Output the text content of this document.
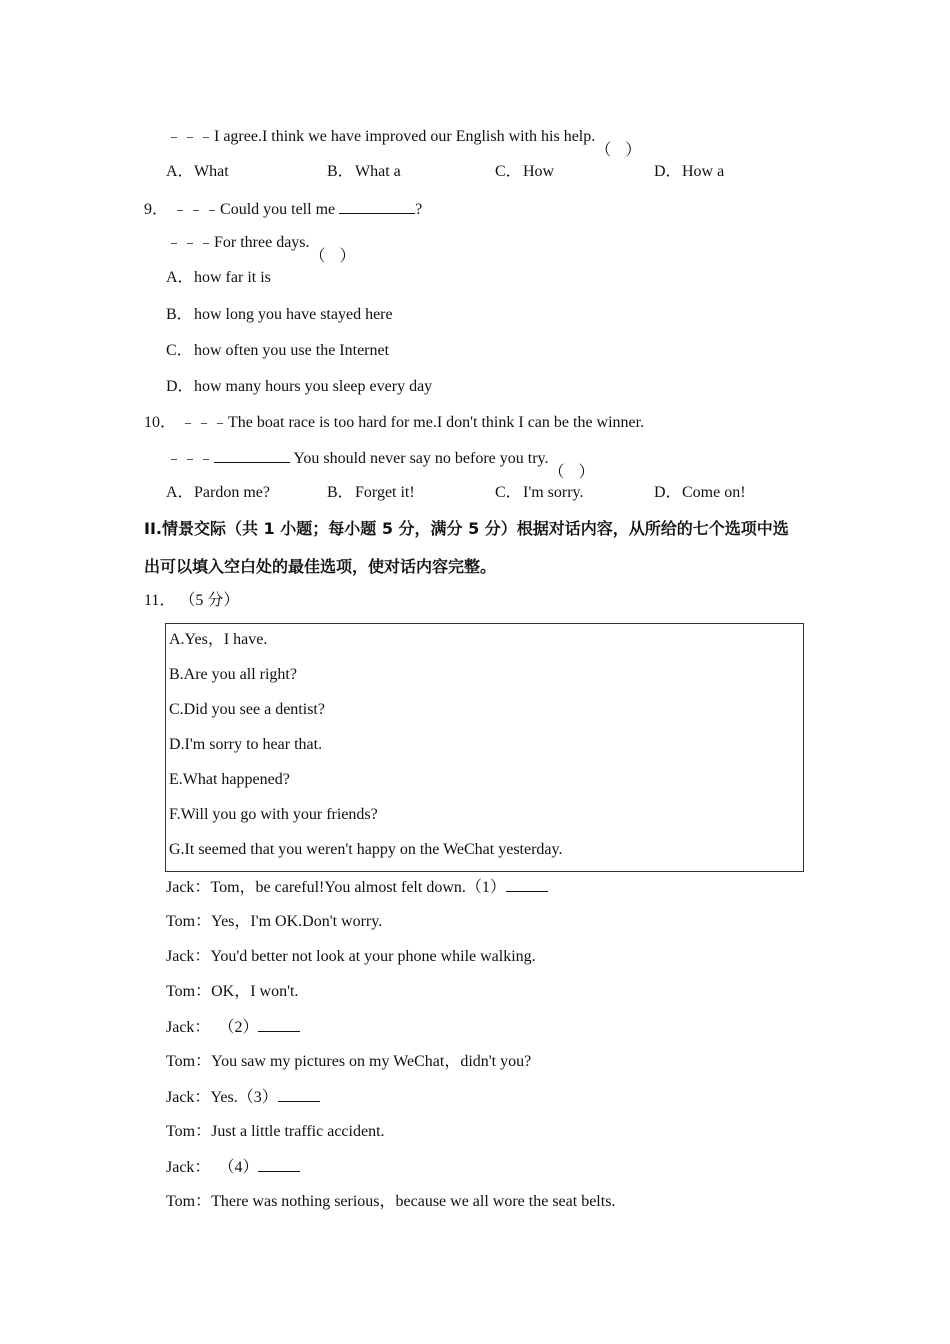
﹣﹣﹣I agree.I think we have improved our English with his help.
A．What	B．What a	C．How	D．How a
9． ﹣﹣﹣Could you tell me	?
﹣﹣﹣For three days.
A．how far it is
B．how long you have stayed here
C．how often you use the Internet
D．how many hours you sleep every day
10． ﹣﹣﹣The boat race is too hard for me.I don't think I can be the winner.
﹣﹣﹣	You should never say no before you try.
A．Pardon me?	B．Forget it!	C．I'm sorry.	D．Come on!
II.情景交际（共 1 小题；每小题 5 分，满分 5 分）根据对话内容，从所给的七个选项中选
出可以填入空白处的最佳选项，使对话内容完整。
11． （5 分）
A.Yes，I have.
B.Are you all right?
C.Did you see a dentist?
D.I'm sorry to hear that.
E.What happened?
F.Will you go with your friends?
G.It seemed that you weren't happy on the WeChat yesterday.
Jack：Tom，be careful!You almost felt down.（1）
Tom：Yes，I'm OK.Don't worry.
Jack：You'd better not look at your phone while walking.
Tom：OK，I won't.
Jack： （2）
Tom：You saw my pictures on my WeChat，didn't you?
Jack：Yes.（3）
Tom：Just a little traffic accident.
Jack： （4）
Tom：There was nothing serious，because we all wore the seat belts.
